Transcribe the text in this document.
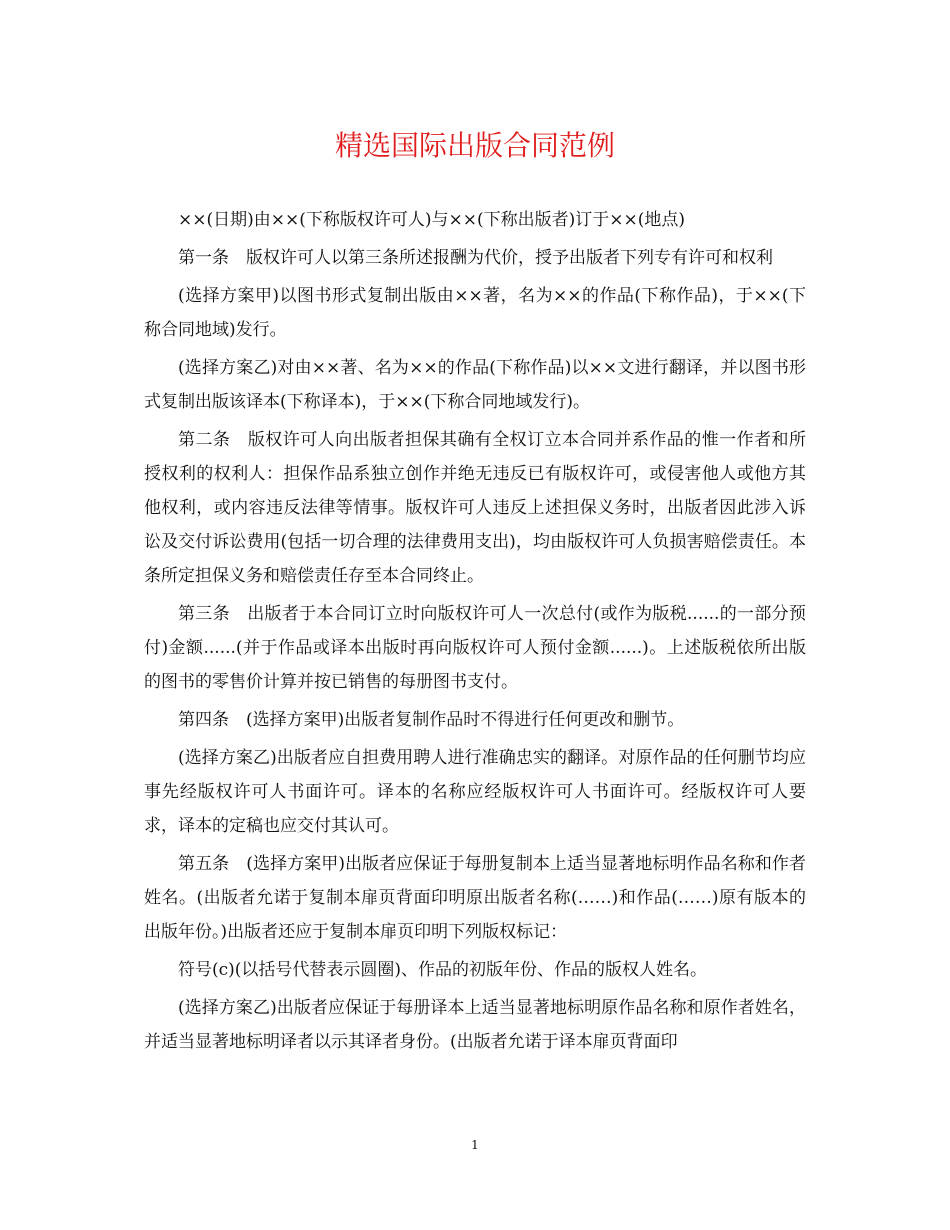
精选国际出版合同范例

××(日期)由××(下称版权许可人)与××(下称出版者)订于××(地点)

第一条　版权许可人以第三条所述报酬为代价，授予出版者下列专有许可和权利

(选择方案甲)以图书形式复制出版由××著，名为××的作品(下称作品)，于××(下称合同地域)发行。

(选择方案乙)对由××著、名为××的作品(下称作品)以××文进行翻译，并以图书形式复制出版该译本(下称译本)，于××(下称合同地域发行)。

第二条　版权许可人向出版者担保其确有全权订立本合同并系作品的惟一作者和所授权利的权利人：担保作品系独立创作并绝无违反已有版权许可，或侵害他人或他方其他权利，或内容违反法律等情事。版权许可人违反上述担保义务时，出版者因此涉入诉讼及交付诉讼费用(包括一切合理的法律费用支出)，均由版权许可人负损害赔偿责任。本条所定担保义务和赔偿责任存至本合同终止。

第三条　出版者于本合同订立时向版权许可人一次总付(或作为版税......的一部分预付)金额......(并于作品或译本出版时再向版权许可人预付金额......)。上述版税依所出版的图书的零售价计算并按已销售的每册图书支付。

第四条　(选择方案甲)出版者复制作品时不得进行任何更改和删节。

(选择方案乙)出版者应自担费用聘人进行准确忠实的翻译。对原作品的任何删节均应事先经版权许可人书面许可。译本的名称应经版权许可人书面许可。经版权许可人要求，译本的定稿也应交付其认可。

第五条　(选择方案甲)出版者应保证于每册复制本上适当显著地标明作品名称和作者姓名。(出版者允诺于复制本扉页背面印明原出版者名称(……)和作品(……)原有版本的出版年份。)出版者还应于复制本扉页印明下列版权标记：

符号(c)(以括号代替表示圆圈)、作品的初版年份、作品的版权人姓名。

(选择方案乙)出版者应保证于每册译本上适当显著地标明原作品名称和原作者姓名，并适当显著地标明译者以示其译者身份。(出版者允诺于译本扉页背面印

1
